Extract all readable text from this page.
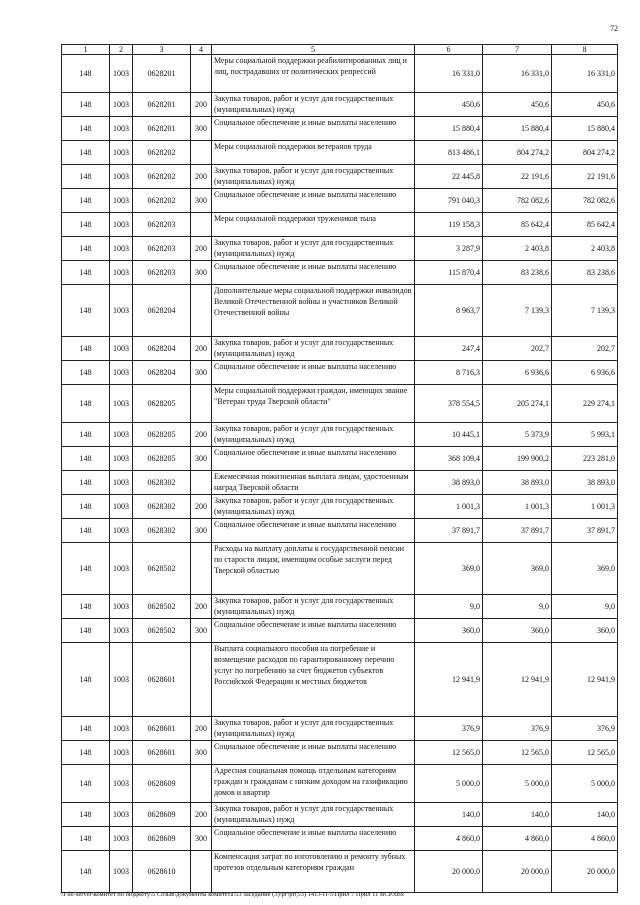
72
1	2	3	4	5	6	7	8
148	1003	0628201		Меры социальной поддержки реабилитированных лиц и лиц, пострадавших от политических репрессий	16 331,0	16 331,0	16 331,0
148	1003	0628201	200	Закупка товаров, работ и услуг для государственных (муниципальных) нужд	450,6	450,6	450,6
148	1003	0628201	300	Социальное обеспечение и иные выплаты населению	15 880,4	15 880,4	15 880,4
148	1003	0628202		Меры социальной поддержки ветеранов труда	813 486,1	804 274,2	804 274,2
148	1003	0628202	200	Закупка товаров, работ и услуг для государственных (муниципальных) нужд	22 445,8	22 191,6	22 191,6
148	1003	0628202	300	Социальное обеспечение и иные выплаты населению	791 040,3	782 082,6	782 082,6
148	1003	0628203		Меры социальной поддержки тружеников тыла	119 158,3	85 642,4	85 642,4
148	1003	0628203	200	Закупка товаров, работ и услуг для государственных (муниципальных) нужд	3 287,9	2 403,8	2 403,8
148	1003	0628203	300	Социальное обеспечение и иные выплаты населению	115 870,4	83 238,6	83 238,6
148	1003	0628204		Дополнительные меры социальной поддержки инвалидов Великой Отечественной войны и участников Великой Отечественной войны	8 963,7	7 139,3	7 139,3
148	1003	0628204	200	Закупка товаров, работ и услуг для государственных (муниципальных) нужд	247,4	202,7	202,7
148	1003	0628204	300	Социальное обеспечение и иные выплаты населению	8 716,3	6 936,6	6 936,6
148	1003	0628205		Меры социальной поддержки граждан, имеющих звание "Ветеран труда Тверской области"	378 554,5	205 274,1	229 274,1
148	1003	0628205	200	Закупка товаров, работ и услуг для государственных (муниципальных) нужд	10 445,1	5 373,9	5 993,1
148	1003	0628205	300	Социальное обеспечение и иные выплаты населению	368 109,4	199 900,2	223 281,0
148	1003	0628302		Ежемесячная пожизненная выплата лицам, удостоенным наград Тверской области	38 893,0	38 893,0	38 893,0
148	1003	0628302	200	Закупка товаров, работ и услуг для государственных (муниципальных) нужд	1 001,3	1 001,3	1 001,3
148	1003	0628302	300	Социальное обеспечение и иные выплаты населению	37 891,7	37 891,7	37 891,7
148	1003	0628502		Расходы на выплату доплаты к государственной пенсии по старости лицам, имеющим особые заслуги перед Тверской областью	369,0	369,0	369,0
148	1003	0628502	200	Закупка товаров, работ и услуг для государственных (муниципальных) нужд	9,0	9,0	9,0
148	1003	0628502	300	Социальное обеспечение и иные выплаты населению	360,0	360,0	360,0
148	1003	0628601		Выплата социального пособия на погребение и возмещение расходов по гарантированному перечню услуг по погребению за счет бюджетов субъектов Российской Федерации и местных бюджетов	12 941,9	12 941,9	12 941,9
148	1003	0628601	200	Закупка товаров, работ и услуг для государственных (муниципальных) нужд	376,9	376,9	376,9
148	1003	0628601	300	Социальное обеспечение и иные выплаты населению	12 565,0	12 565,0	12 565,0
148	1003	0628609		Адресная социальная помощь отдельным категориям граждан и гражданам с низким доходом на газификацию домов и квартир	5 000,0	5 000,0	5 000,0
148	1003	0628609	200	Закупка товаров, работ и услуг для государственных (муниципальных) нужд	140,0	140,0	140,0
148	1003	0628609	300	Социальное обеспечение и иные выплаты населению	4 860,0	4 860,0	4 860,0
148	1003	0628610		Компенсация затрат по изготовлению и ремонту зубных протезов отдельным категориям граждан	20 000,0	20 000,0	20 000,0
\\File-server\комитет по бюджету\5 Созыв\документы комитета\53 заседание (3)\рг\рг(53) 1413-П-5\Прил 7 Прил 11 ВСР.xlsx
